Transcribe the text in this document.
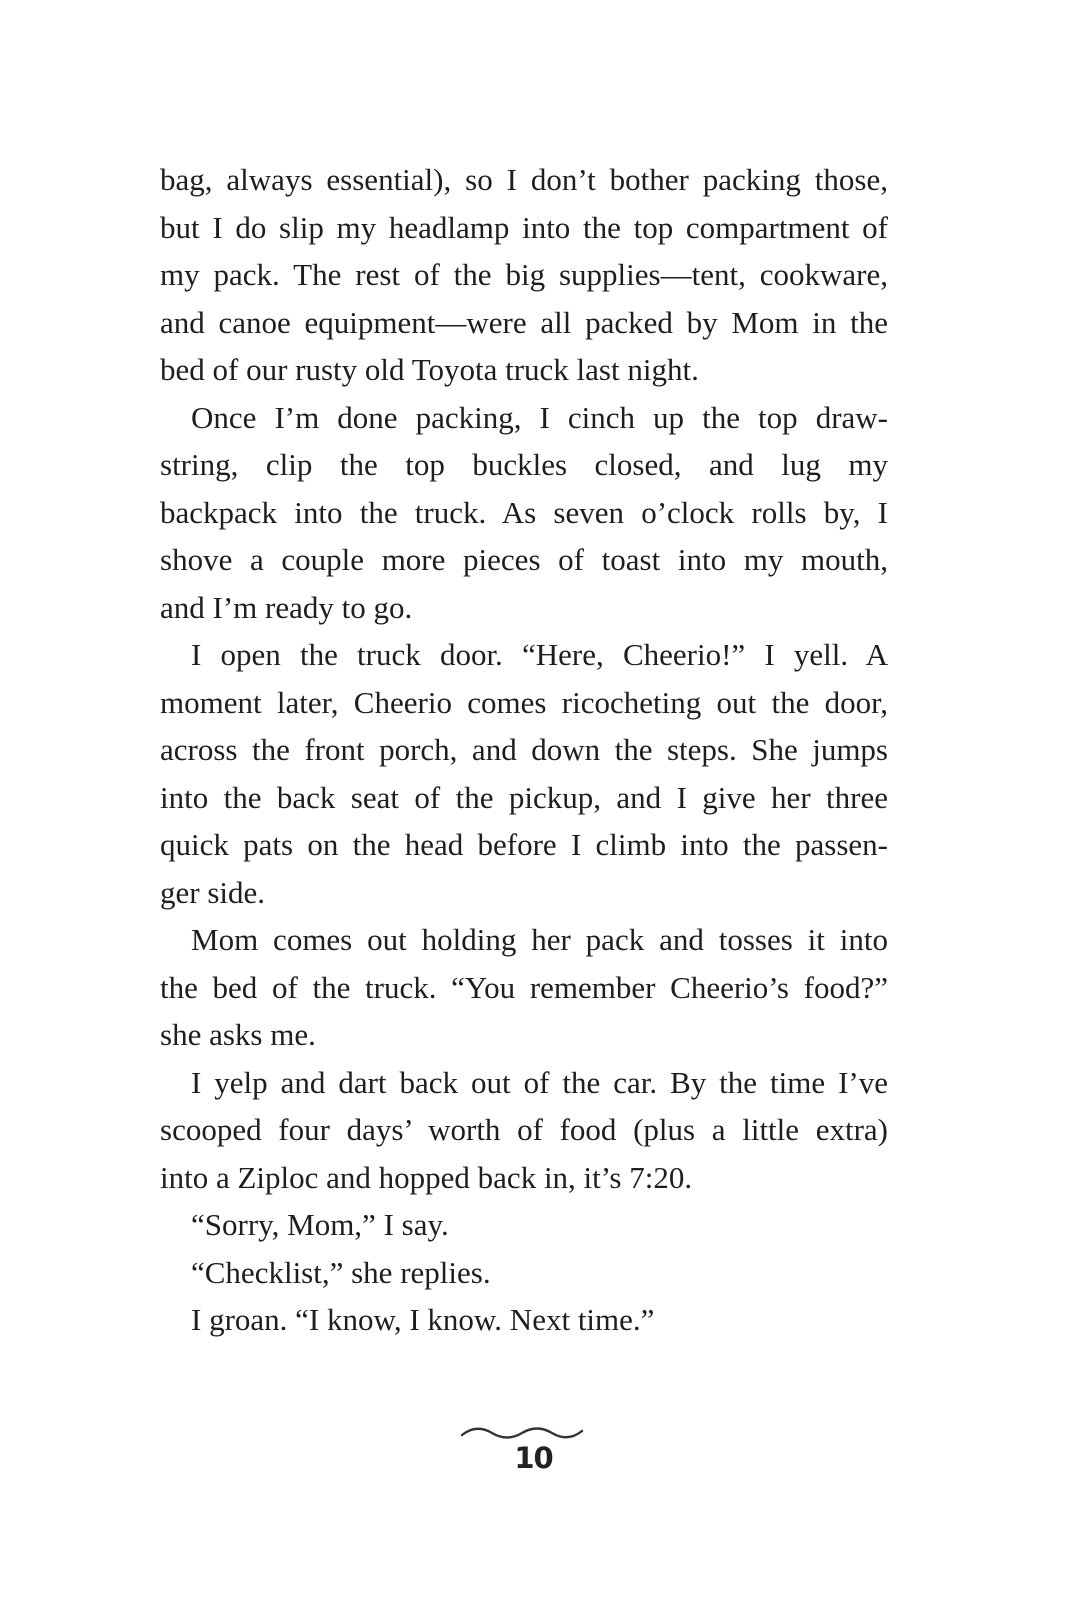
bag, always essential), so I don’t bother packing those,
but I do slip my headlamp into the top compartment of
my pack. The rest of the big supplies—tent, cookware,
and canoe equipment—were all packed by Mom in the
bed of our rusty old Toyota truck last night.
Once I’m done packing, I cinch up the top draw-
string, clip the top buckles closed, and lug my
backpack into the truck. As seven o’clock rolls by, I
shove a couple more pieces of toast into my mouth,
and I’m ready to go.
I open the truck door. “Here, Cheerio!” I yell. A
moment later, Cheerio comes ricocheting out the door,
across the front porch, and down the steps. She jumps
into the back seat of the pickup, and I give her three
quick pats on the head before I climb into the passen-
ger side.
Mom comes out holding her pack and tosses it into
the bed of the truck. “You remember Cheerio’s food?”
she asks me.
I yelp and dart back out of the car. By the time I’ve
scooped four days’ worth of food (plus a little extra)
into a Ziploc and hopped back in, it’s 7:20.
“Sorry, Mom,” I say.
“Checklist,” she replies.
I groan. “I know, I know. Next time.”
10
